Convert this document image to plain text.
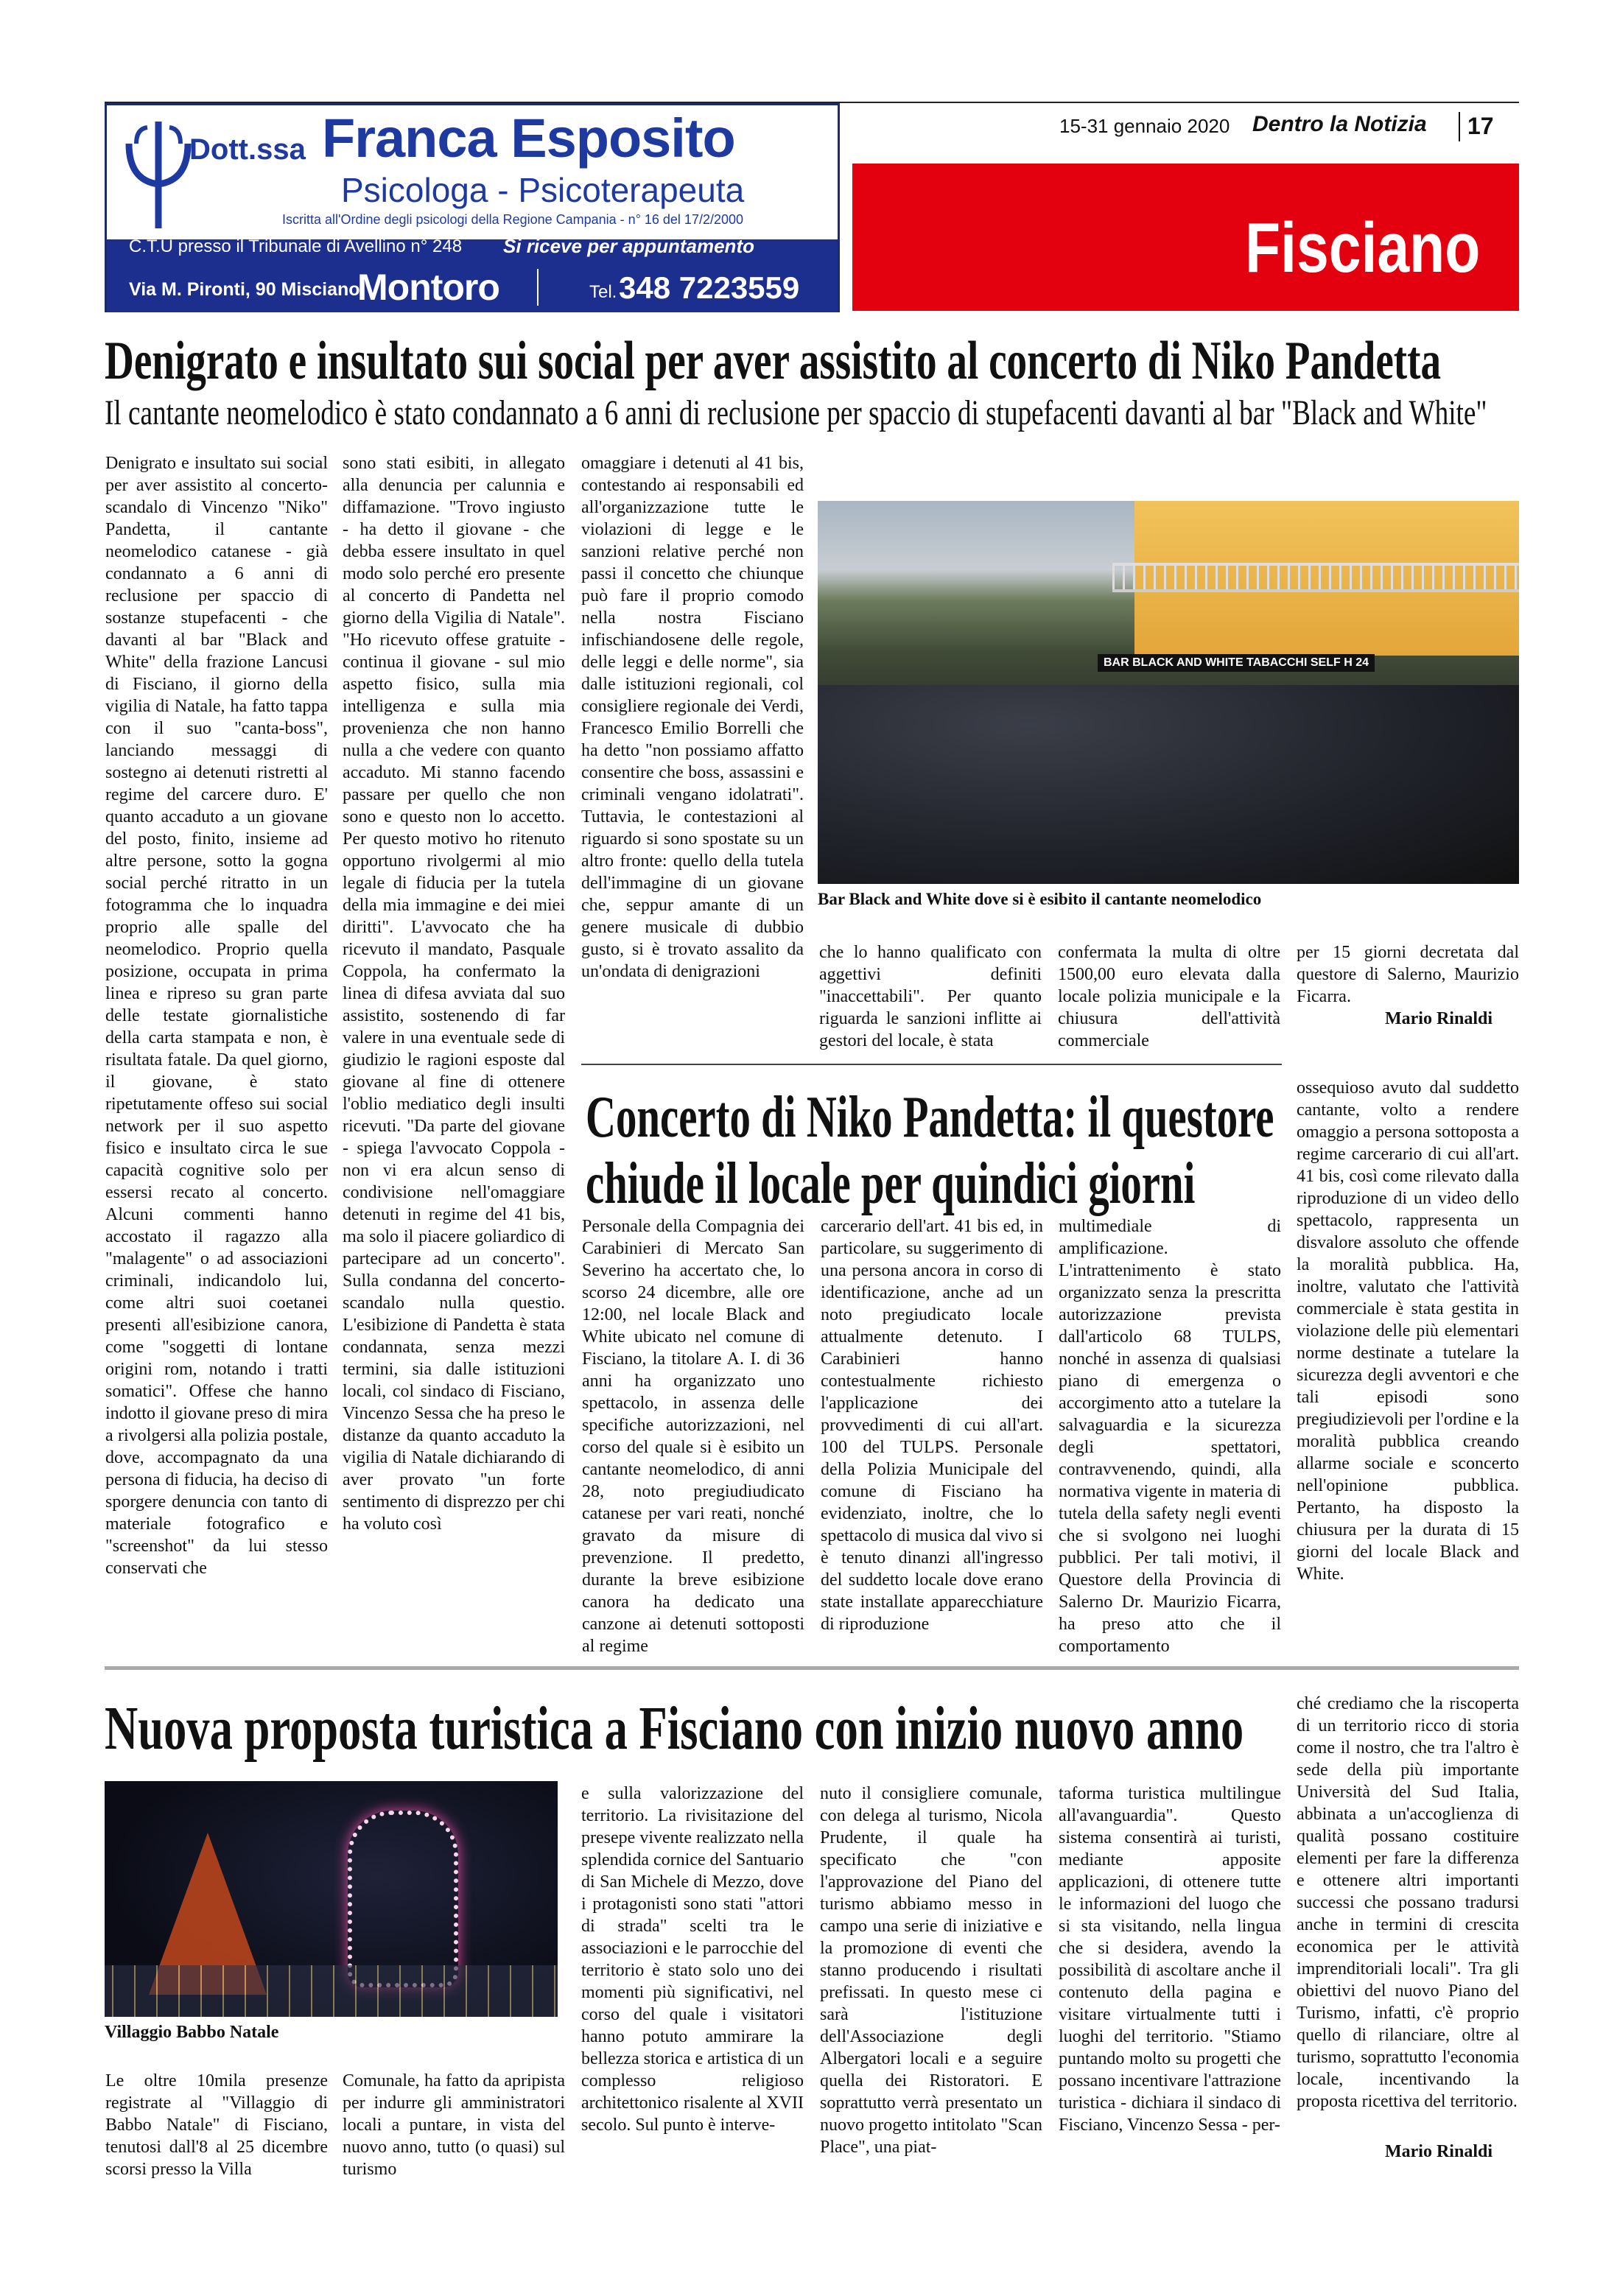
Dott.ssa Franca Esposito
Psicologa - Psicoterapeuta
Iscritta all'Ordine degli psicologi della Regione Campania - n° 16 del 17/2/2000
C.T.U presso il Tribunale di Avellino n° 248 Si riceve per appuntamento
Via M. Pironti, 90 Misciano
Montoro	Tel. 348 7223559
15-31 gennaio 2020 Dentro la Notizia 17
Fisciano
Denigrato e insultato sui social per aver assistito al concerto di Niko Pandetta
Il cantante neomelodico è stato condannato a 6 anni di reclusione per spaccio di stupefacenti davanti al bar "Black and White"
Denigrato e insultato sui social per aver assistito al concerto-scandalo di Vincenzo "Niko" Pandetta, il cantante neomelodico catanese - già condannato a 6 anni di reclusione per spaccio di sostanze stupefacenti - che davanti al bar "Black and White" della frazione Lancusi di Fisciano, il giorno della vigilia di Natale, ha fatto tappa con il suo "canta-boss", lanciando messaggi di sostegno ai detenuti ristretti al regime del carcere duro. E' quanto accaduto a un giovane del posto, finito, insieme ad altre persone, sotto la gogna social perché ritratto in un fotogramma che lo inquadra proprio alle spalle del neomelodico. Proprio quella posizione, occupata in prima linea e ripreso su gran parte delle testate giornalistiche della carta stampata e non, è risultata fatale. Da quel giorno, il giovane, è stato ripetutamente offeso sui social network per il suo aspetto fisico e insultato circa le sue capacità cognitive solo per essersi recato al concerto. Alcuni commenti hanno accostato il ragazzo alla "malagente" o ad associazioni criminali, indicandolo lui, come altri suoi coetanei presenti all'esibizione canora, come "soggetti di lontane origini rom, notando i tratti somatici". Offese che hanno indotto il giovane preso di mira a rivolgersi alla polizia postale, dove, accompagnato da una persona di fiducia, ha deciso di sporgere denuncia con tanto di materiale fotografico e "screenshot" da lui stesso conservati che
sono stati esibiti, in allegato alla denuncia per calunnia e diffamazione. "Trovo ingiusto - ha detto il giovane - che debba essere insultato in quel modo solo perché ero presente al concerto di Pandetta nel giorno della Vigilia di Natale". "Ho ricevuto offese gratuite - continua il giovane - sul mio aspetto fisico, sulla mia intelligenza e sulla mia provenienza che non hanno nulla a che vedere con quanto accaduto. Mi stanno facendo passare per quello che non sono e questo non lo accetto. Per questo motivo ho ritenuto opportuno rivolgermi al mio legale di fiducia per la tutela della mia immagine e dei miei diritti". L'avvocato che ha ricevuto il mandato, Pasquale Coppola, ha confermato la linea di difesa avviata dal suo assistito, sostenendo di far valere in una eventuale sede di giudizio le ragioni esposte dal giovane al fine di ottenere l'oblio mediatico degli insulti ricevuti. "Da parte del giovane - spiega l'avvocato Coppola - non vi era alcun senso di condivisione nell'omaggiare detenuti in regime del 41 bis, ma solo il piacere goliardico di partecipare ad un concerto". Sulla condanna del concerto-scandalo nulla questio. L'esibizione di Pandetta è stata condannata, senza mezzi termini, sia dalle istituzioni locali, col sindaco di Fisciano, Vincenzo Sessa che ha preso le distanze da quanto accaduto la vigilia di Natale dichiarando di aver provato "un forte sentimento di disprezzo per chi ha voluto così
omaggiare i detenuti al 41 bis, contestando ai responsabili ed all'organizzazione tutte le violazioni di legge e le sanzioni relative perché non passi il concetto che chiunque può fare il proprio comodo nella nostra Fisciano infischiandosene delle regole, delle leggi e delle norme", sia dalle istituzioni regionali, col consigliere regionale dei Verdi, Francesco Emilio Borrelli che ha detto "non possiamo affatto consentire che boss, assassini e criminali vengano idolatrati". Tuttavia, le contestazioni al riguardo si sono spostate su un altro fronte: quello della tutela dell'immagine di un giovane che, seppur amante di un genere musicale di dubbio gusto, si è trovato assalito da un'ondata di denigrazioni
BAR BLACK AND WHITE TABACCHI SELF H 24
Bar Black and White dove si è esibito il cantante neomelodico
che lo hanno qualificato con aggettivi definiti "inaccettabili". Per quanto riguarda le sanzioni inflitte ai gestori del locale, è stata
confermata la multa di oltre 1500,00 euro elevata dalla locale polizia municipale e la chiusura dell'attività commerciale
per 15 giorni decretata dal questore di Salerno, Maurizio Ficarra.
Mario Rinaldi
Concerto di Niko Pandetta: il questore
chiude il locale per quindici giorni
Personale della Compagnia dei Carabinieri di Mercato San Severino ha accertato che, lo scorso 24 dicembre, alle ore 12:00, nel locale Black and White ubicato nel comune di Fisciano, la titolare A. I. di 36 anni ha organizzato uno spettacolo, in assenza delle specifiche autorizzazioni, nel corso del quale si è esibito un cantante neomelodico, di anni 28, noto pregiudiudicato catanese per vari reati, nonché gravato da misure di prevenzione. Il predetto, durante la breve esibizione canora ha dedicato una canzone ai detenuti sottoposti al regime
carcerario dell'art. 41 bis ed, in particolare, su suggerimento di una persona ancora in corso di identificazione, anche ad un noto pregiudicato locale attualmente detenuto. I Carabinieri hanno contestualmente richiesto l'applicazione dei provvedimenti di cui all'art. 100 del TULPS. Personale della Polizia Municipale del comune di Fisciano ha evidenziato, inoltre, che lo spettacolo di musica dal vivo si è tenuto dinanzi all'ingresso del suddetto locale dove erano state installate apparecchiature di riproduzione
multimediale di amplificazione. L'intrattenimento è stato organizzato senza la prescritta autorizzazione prevista dall'articolo 68 TULPS, nonché in assenza di qualsiasi piano di emergenza o accorgimento atto a tutelare la salvaguardia e la sicurezza degli spettatori, contravvenendo, quindi, alla normativa vigente in materia di tutela della safety negli eventi che si svolgono nei luoghi pubblici. Per tali motivi, il Questore della Provincia di Salerno Dr. Maurizio Ficarra, ha preso atto che il comportamento
ossequioso avuto dal suddetto cantante, volto a rendere omaggio a persona sottoposta a regime carcerario di cui all'art. 41 bis, così come rilevato dalla riproduzione di un video dello spettacolo, rappresenta un disvalore assoluto che offende la moralità pubblica. Ha, inoltre, valutato che l'attività commerciale è stata gestita in violazione delle più elementari norme destinate a tutelare la sicurezza degli avventori e che tali episodi sono pregiudizievoli per l'ordine e la moralità pubblica creando allarme sociale e sconcerto nell'opinione pubblica. Pertanto, ha disposto la chiusura per la durata di 15 giorni del locale Black and White.
Nuova proposta turistica a Fisciano con inizio nuovo anno
Villaggio Babbo Natale
Le oltre 10mila presenze registrate al "Villaggio di Babbo Natale" di Fisciano, tenutosi dall'8 al 25 dicembre scorsi presso la Villa
Comunale, ha fatto da apripista per indurre gli amministratori locali a puntare, in vista del nuovo anno, tutto (o quasi) sul turismo
e sulla valorizzazione del territorio. La rivisitazione del presepe vivente realizzato nella splendida cornice del Santuario di San Michele di Mezzo, dove i protagonisti sono stati "attori di strada" scelti tra le associazioni e le parrocchie del territorio è stato solo uno dei momenti più significativi, nel corso del quale i visitatori hanno potuto ammirare la bellezza storica e artistica di un complesso religioso architettonico risalente al XVII secolo. Sul punto è interve-
nuto il consigliere comunale, con delega al turismo, Nicola Prudente, il quale ha specificato che "con l'approvazione del Piano del turismo abbiamo messo in campo una serie di iniziative e la promozione di eventi che stanno producendo i risultati prefissati. In questo mese ci sarà l'istituzione dell'Associazione degli Albergatori locali e a seguire quella dei Ristoratori. E soprattutto verrà presentato un nuovo progetto intitolato "Scan Place", una piat-
taforma turistica multilingue all'avanguardia". Questo sistema consentirà ai turisti, mediante apposite applicazioni, di ottenere tutte le informazioni del luogo che si sta visitando, nella lingua che si desidera, avendo la possibilità di ascoltare anche il contenuto della pagina e visitare virtualmente tutti i luoghi del territorio. "Stiamo puntando molto su progetti che possano incentivare l'attrazione turistica - dichiara il sindaco di Fisciano, Vincenzo Sessa - per-
ché crediamo che la riscoperta di un territorio ricco di storia come il nostro, che tra l'altro è sede della più importante Università del Sud Italia, abbinata a un'accoglienza di qualità possano costituire elementi per fare la differenza e ottenere altri importanti successi che possano tradursi anche in termini di crescita economica per le attività imprenditoriali locali". Tra gli obiettivi del nuovo Piano del Turismo, infatti, c'è proprio quello di rilanciare, oltre al turismo, soprattutto l'economia locale, incentivando la proposta ricettiva del territorio.
Mario Rinaldi
